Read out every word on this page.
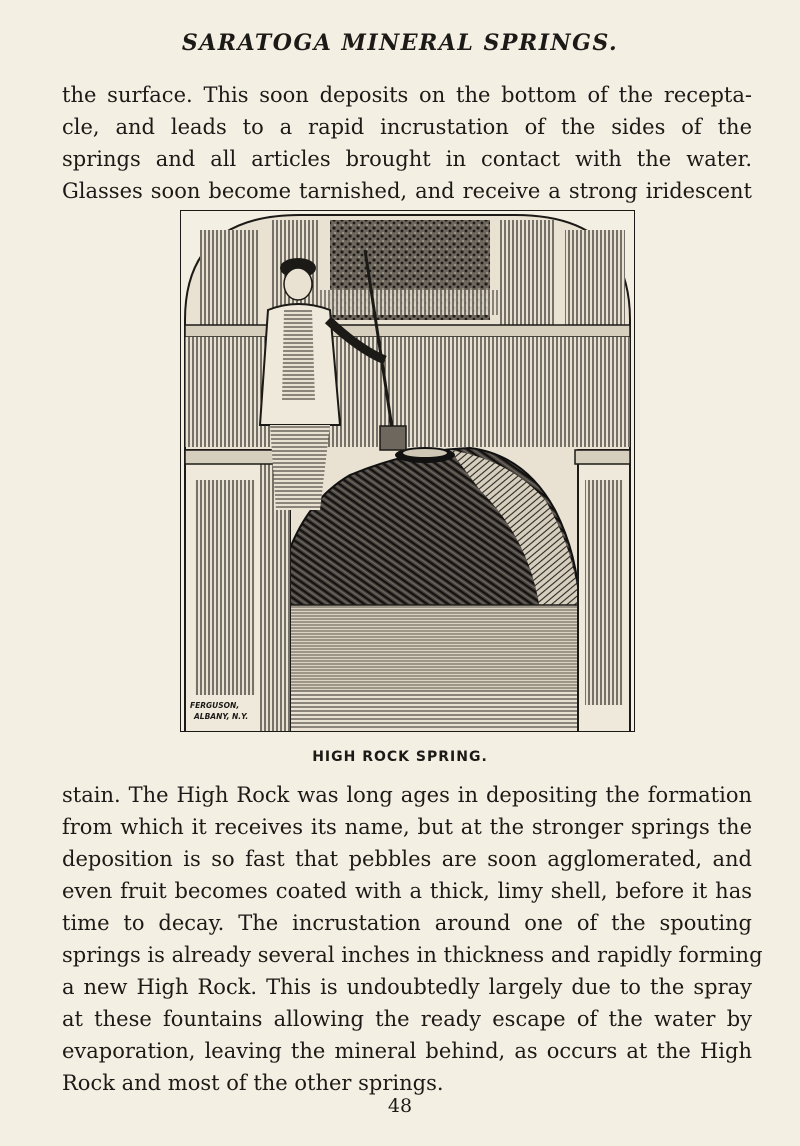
SARATOGA MINERAL SPRINGS.

the surface. This soon deposits on the bottom of the recepta-
cle, and leads to a rapid incrustation of the sides of the
springs and all articles brought in contact with the water.
Glasses soon become tarnished, and receive a strong iridescent

FERGUSON,
ALBANY, N.Y.
HIGH ROCK SPRING.

stain. The High Rock was long ages in depositing the formation
from which it receives its name, but at the stronger springs the
deposition is so fast that pebbles are soon agglomerated, and
even fruit becomes coated with a thick, limy shell, before it has
time to decay. The incrustation around one of the spouting
springs is already several inches in thickness and rapidly forming
a new High Rock. This is undoubtedly largely due to the spray
at these fountains allowing the ready escape of the water by
evaporation, leaving the mineral behind, as occurs at the High
Rock and most of the other springs.

48
